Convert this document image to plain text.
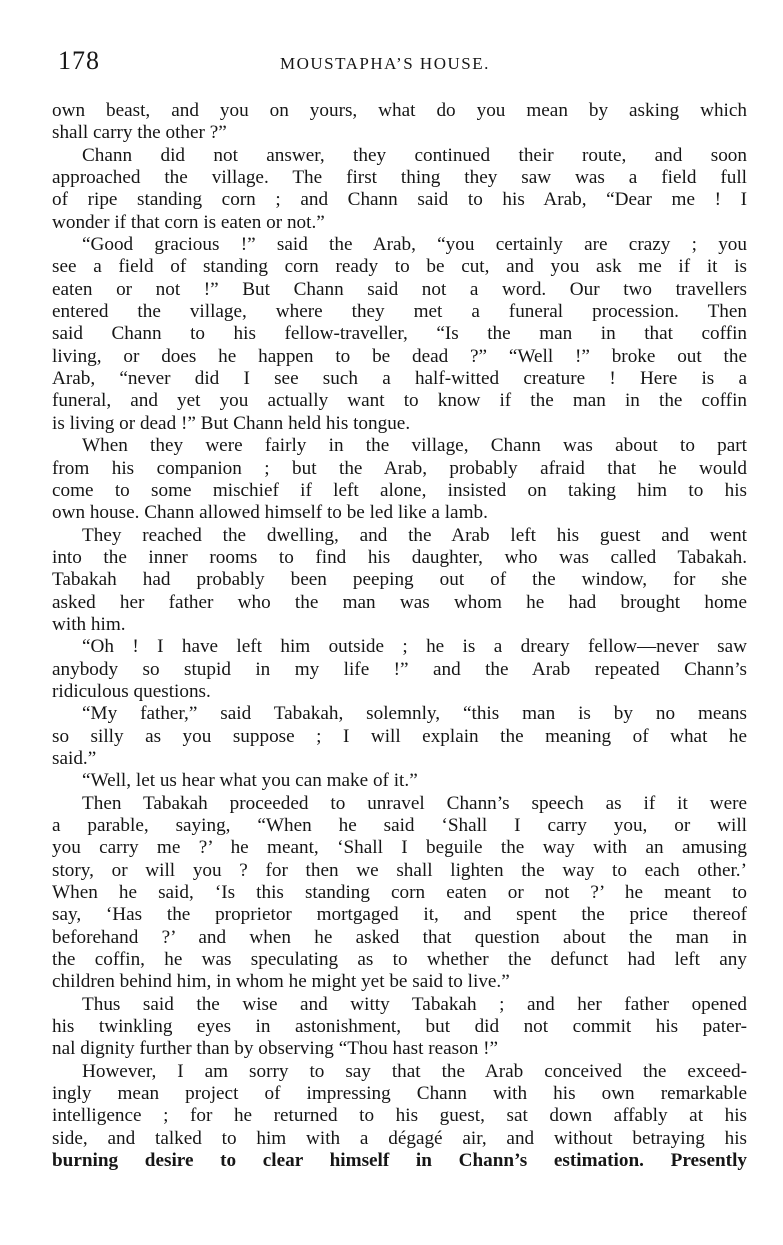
178	MOUSTAPHA’S HOUSE.
own beast, and you on yours, what do you mean by asking which
shall carry the other ?”
Chann did not answer, they continued their route, and soon
approached the village. The first thing they saw was a field full
of ripe standing corn ; and Chann said to his Arab, “Dear me ! I
wonder if that corn is eaten or not.”
“Good gracious !” said the Arab, “you certainly are crazy ; you
see a field of standing corn ready to be cut, and you ask me if it is
eaten or not !” But Chann said not a word. Our two travellers
entered the village, where they met a funeral procession. Then
said Chann to his fellow-traveller, “Is the man in that coffin
living, or does he happen to be dead ?” “Well !” broke out the
Arab, “never did I see such a half-witted creature ! Here is a
funeral, and yet you actually want to know if the man in the coffin
is living or dead !” But Chann held his tongue.
When they were fairly in the village, Chann was about to part
from his companion ; but the Arab, probably afraid that he would
come to some mischief if left alone, insisted on taking him to his
own house. Chann allowed himself to be led like a lamb.
They reached the dwelling, and the Arab left his guest and went
into the inner rooms to find his daughter, who was called Tabakah.
Tabakah had probably been peeping out of the window, for she
asked her father who the man was whom he had brought home
with him.
“Oh ! I have left him outside ; he is a dreary fellow—never saw
anybody so stupid in my life !” and the Arab repeated Chann’s
ridiculous questions.
“My father,” said Tabakah, solemnly, “this man is by no means
so silly as you suppose ; I will explain the meaning of what he
said.”
“Well, let us hear what you can make of it.”
Then Tabakah proceeded to unravel Chann’s speech as if it were
a parable, saying, “When he said ‘Shall I carry you, or will
you carry me ?’ he meant, ‘Shall I beguile the way with an amusing
story, or will you ? for then we shall lighten the way to each other.’
When he said, ‘Is this standing corn eaten or not ?’ he meant to
say, ‘Has the proprietor mortgaged it, and spent the price thereof
beforehand ?’ and when he asked that question about the man in
the coffin, he was speculating as to whether the defunct had left any
children behind him, in whom he might yet be said to live.”
Thus said the wise and witty Tabakah ; and her father opened
his twinkling eyes in astonishment, but did not commit his pater-
nal dignity further than by observing “Thou hast reason !”
However, I am sorry to say that the Arab conceived the exceed-
ingly mean project of impressing Chann with his own remarkable
intelligence ; for he returned to his guest, sat down affably at his
side, and talked to him with a dégagé air, and without betraying his
burning desire to clear himself in Chann’s estimation. Presently
